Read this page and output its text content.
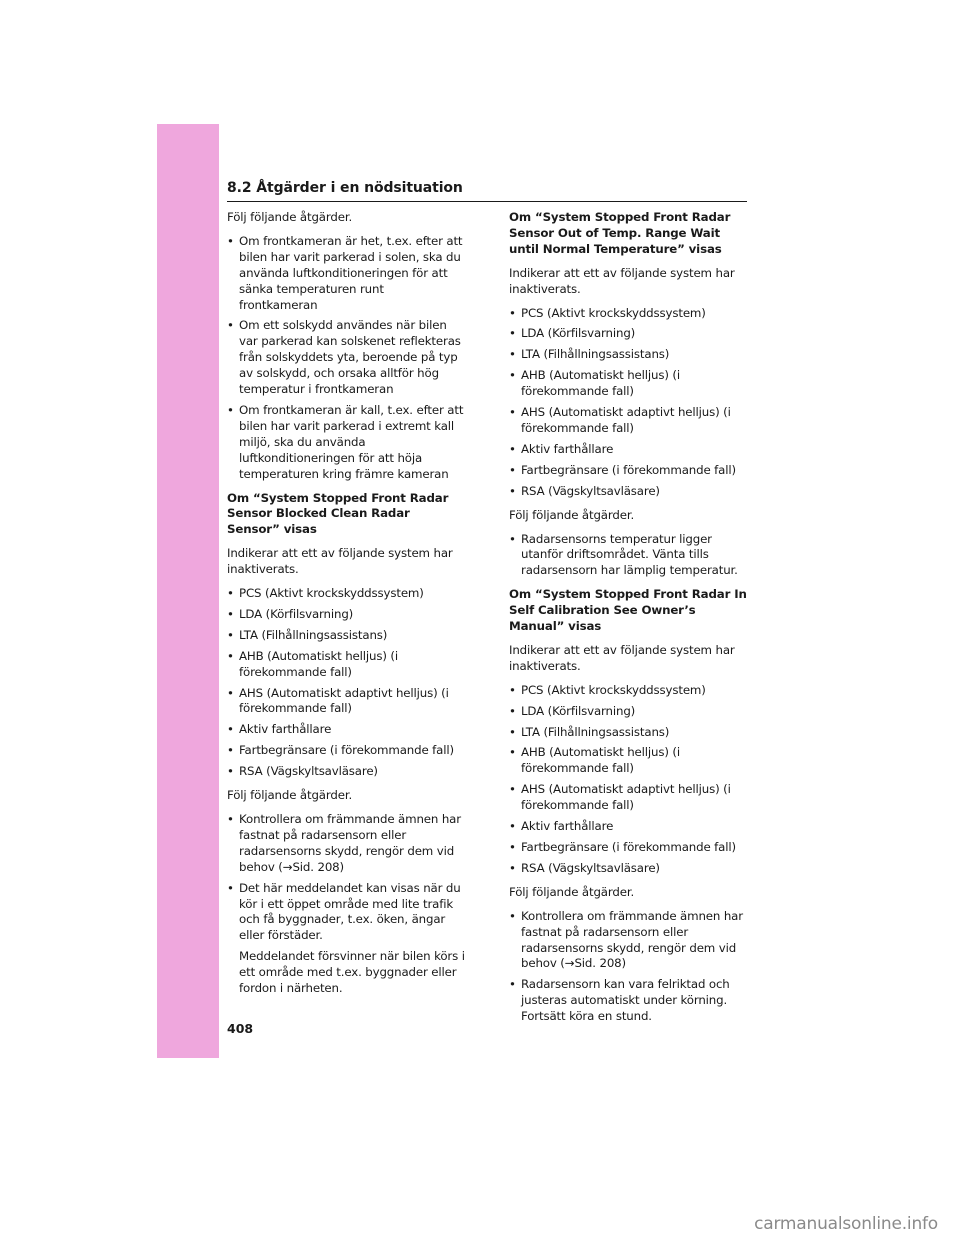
8.2 Åtgärder i en nödsituation

Följ följande åtgärder.

• Om frontkameran är het, t.ex. efter att bilen har varit parkerad i solen, ska du använda luftkonditioneringen för att sänka temperaturen runt frontkameran
• Om ett solskydd användes när bilen var parkerad kan solskenet reflekteras från solskyddets yta, beroende på typ av solskydd, och orsaka alltför hög temperatur i frontkameran
• Om frontkameran är kall, t.ex. efter att bilen har varit parkerad i extremt kall miljö, ska du använda luftkonditioneringen för att höja temperaturen kring främre kameran

Om “System Stopped Front Radar Sensor Blocked Clean Radar Sensor” visas

Indikerar att ett av följande system har inaktiverats.

• PCS (Aktivt krockskyddssystem)
• LDA (Körfilsvarning)
• LTA (Filhållningsassistans)
• AHB (Automatiskt helljus) (i förekommande fall)
• AHS (Automatiskt adaptivt helljus) (i förekommande fall)
• Aktiv farthållare
• Fartbegränsare (i förekommande fall)
• RSA (Vägskyltsavläsare)

Följ följande åtgärder.

• Kontrollera om främmande ämnen har fastnat på radarsensorn eller radarsensorns skydd, rengör dem vid behov (→Sid. 208)
• Det här meddelandet kan visas när du kör i ett öppet område med lite trafik och få byggnader, t.ex. öken, ängar eller förstäder.

Meddelandet försvinner när bilen körs i ett område med t.ex. byggnader eller fordon i närheten.

Om “System Stopped Front Radar Sensor Out of Temp. Range Wait until Normal Temperature” visas

Indikerar att ett av följande system har inaktiverats.

• PCS (Aktivt krockskyddssystem)
• LDA (Körfilsvarning)
• LTA (Filhållningsassistans)
• AHB (Automatiskt helljus) (i förekommande fall)
• AHS (Automatiskt adaptivt helljus) (i förekommande fall)
• Aktiv farthållare
• Fartbegränsare (i förekommande fall)
• RSA (Vägskyltsavläsare)

Följ följande åtgärder.

• Radarsensorns temperatur ligger utanför driftsområdet. Vänta tills radarsensorn har lämplig temperatur.

Om “System Stopped Front Radar In Self Calibration See Owner’s Manual” visas

Indikerar att ett av följande system har inaktiverats.

• PCS (Aktivt krockskyddssystem)
• LDA (Körfilsvarning)
• LTA (Filhållningsassistans)
• AHB (Automatiskt helljus) (i förekommande fall)
• AHS (Automatiskt adaptivt helljus) (i förekommande fall)
• Aktiv farthållare
• Fartbegränsare (i förekommande fall)
• RSA (Vägskyltsavläsare)

Följ följande åtgärder.

• Kontrollera om främmande ämnen har fastnat på radarsensorn eller radarsensorns skydd, rengör dem vid behov (→Sid. 208)
• Radarsensorn kan vara felriktad och justeras automatiskt under körning. Fortsätt köra en stund.
408
carmanualsonline.info
